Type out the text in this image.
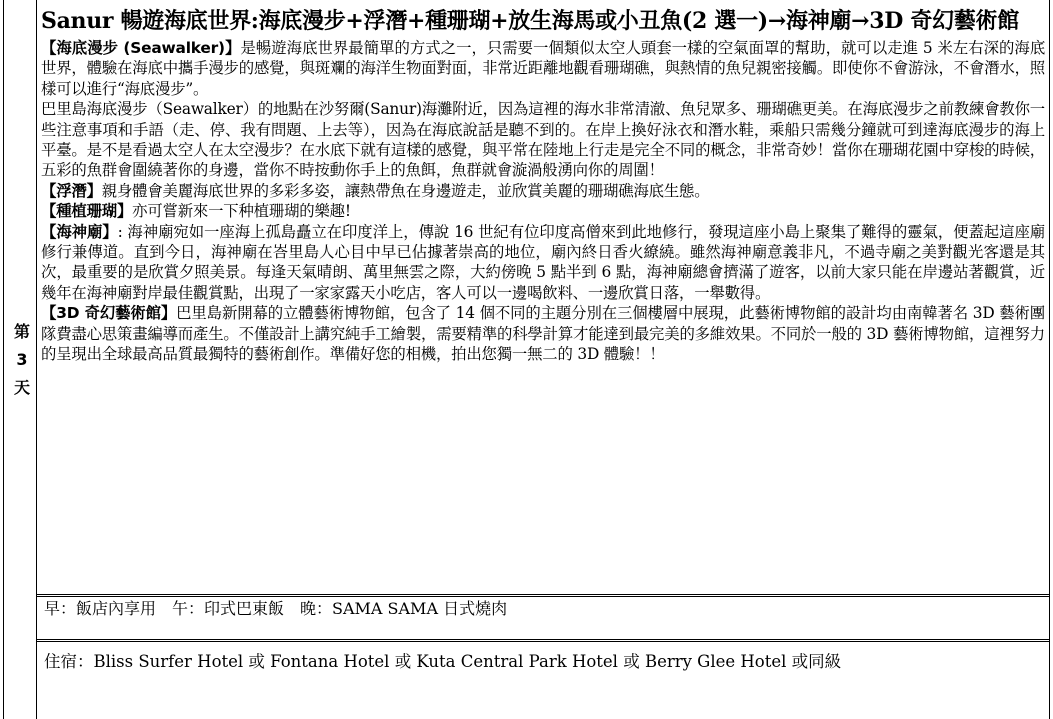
第
3
天
Sanur 暢遊海底世界:海底漫步+浮潛+種珊瑚+放生海馬或小丑魚(2 選一)→海神廟→3D 奇幻藝術館

【海底漫步 (Seawalker)】是暢遊海底世界最簡單的方式之一，只需要一個類似太空人頭套一樣的空氣面罩的幫助，就可以走進 5 米左右深的海底世界，體驗在海底中攜手漫步的感覺，與斑斕的海洋生物面對面，非常近距離地觀看珊瑚礁，與熱情的魚兒親密接觸。即使你不會游泳，不會潛水，照樣可以進行“海底漫步”。

巴里島海底漫步（Seawalker）的地點在沙努爾(Sanur)海灘附近，因為這裡的海水非常清澈、魚兒眾多、珊瑚礁更美。在海底漫步之前教練會教你一些注意事項和手語（走、停、我有問題、上去等），因為在海底說話是聽不到的。在岸上換好泳衣和潛水鞋，乘船只需幾分鐘就可到達海底漫步的海上平臺。是不是看過太空人在太空漫步？在水底下就有這樣的感覺，與平常在陸地上行走是完全不同的概念，非常奇妙！當你在珊瑚花園中穿梭的時候，五彩的魚群會圍繞著你的身邊，當你不時按動你手上的魚餌，魚群就會漩渦般湧向你的周圍！

【浮潛】親身體會美麗海底世界的多彩多姿，讓熱帶魚在身邊遊走，並欣賞美麗的珊瑚礁海底生態。

【種植珊瑚】亦可嘗新來一下种植珊瑚的樂趣!

【海神廟】: 海神廟宛如一座海上孤島矗立在印度洋上，傳說 16 世紀有位印度高僧來到此地修行，發現這座小島上聚集了難得的靈氣，便蓋起這座廟修行兼傳道。直到今日，海神廟在峇里島人心目中早已佔據著崇高的地位，廟內終日香火繚繞。雖然海神廟意義非凡，不過寺廟之美對觀光客還是其次，最重要的是欣賞夕照美景。每逢天氣晴朗、萬里無雲之際，大約傍晚 5 點半到 6 點，海神廟總會擠滿了遊客，以前大家只能在岸邊站著觀賞，近幾年在海神廟對岸最佳觀賞點，出現了一家家露天小吃店，客人可以一邊喝飲料、一邊欣賞日落，一舉數得。

【3D 奇幻藝術館】巴里島新開幕的立體藝術博物館，包含了 14 個不同的主題分別在三個樓層中展現，此藝術博物館的設計均由南韓著名 3D 藝術團隊費盡心思策畫編導而產生。不僅設計上講究純手工繪製，需要精準的科學計算才能達到最完美的多維效果。不同於一般的 3D 藝術博物館，這裡努力的呈現出全球最高品質最獨特的藝術創作。準備好您的相機，拍出您獨一無二的 3D 體驗！！

早：飯店內享用　午：印式巴東飯　晚：SAMA SAMA 日式燒肉
住宿：Bliss Surfer Hotel 或 Fontana Hotel 或 Kuta Central Park Hotel 或 Berry Glee Hotel 或同級
